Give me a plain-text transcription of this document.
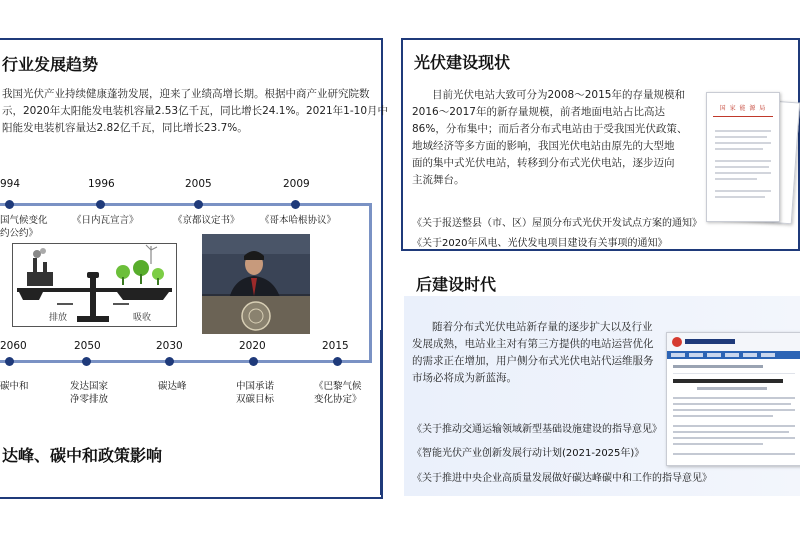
行业发展趋势
我国光伏产业持续健康蓬勃发展，迎来了业绩高增长期。根据中商产业研究院数
示，2020年太阳能发电装机容量2.53亿千瓦，同比增长24.1%。2021年1-10月中
阳能发电装机容量达2.82亿千瓦，同比增长23.7%。
994
国气候变化
约公约》
1996
《日内瓦宣言》
2005
《京都议定书》
2009
《哥本哈根协议》
排放	吸收
2060
碳中和
2050
发达国家
净零排放
2030
碳达峰
2020
中国承诺
双碳目标
2015
《巴黎气候
变化协定》
达峰、碳中和政策影响
光伏建设现状
目前光伏电站大致可分为2008～2015年的存量规模和
2016～2017年的新存量规模，前者地面电站占比高达
86%，分布集中；而后者分布式电站由于受我国光伏政策、
地域经济等多方面的影响，我国光伏电站由原先的大型地
面的集中式光伏电站，转移到分布式光伏电站，逐步迈向
主流舞台。
《关于报送整县（市、区）屋顶分布式光伏开发试点方案的通知》
《关于2020年风电、光伏发电项目建设有关事项的通知》
国 家 能 源 局
后建设时代
随着分布式光伏电站新存量的逐步扩大以及行业
发展成熟，电站业主对有第三方提供的电站运营优化
的需求正在增加，用户侧分布式光伏电站代运维服务
市场必将成为新蓝海。
《关于推动交通运输领域新型基础设施建设的指导意见》
《智能光伏产业创新发展行动计划(2021-2025年)》
《关于推进中央企业高质量发展做好碳达峰碳中和工作的指导意见》
